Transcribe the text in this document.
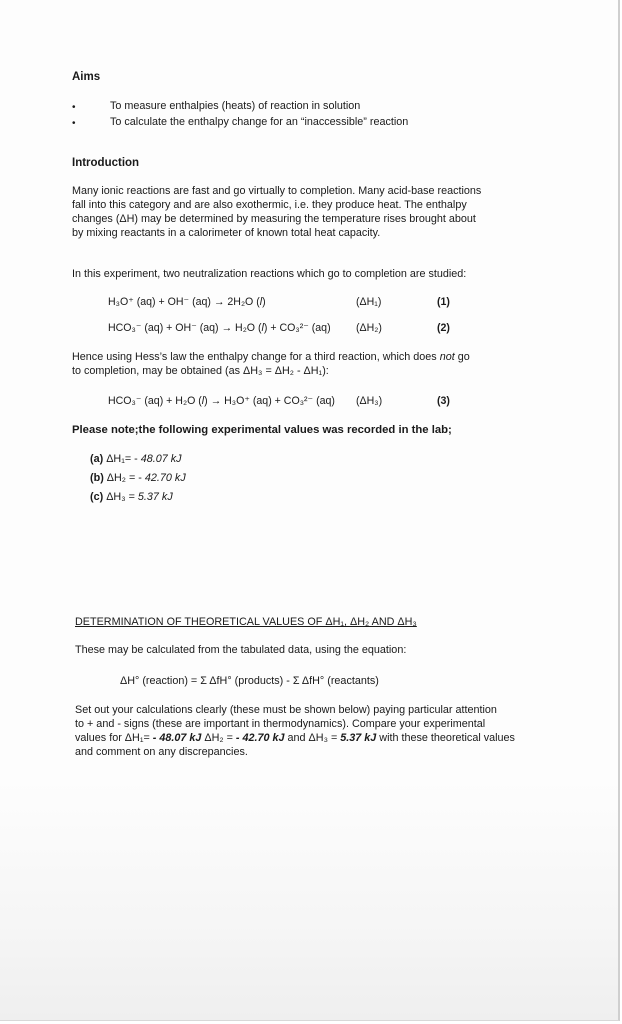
Aims
•	To measure enthalpies (heats) of reaction in solution
•	To calculate the enthalpy change for an “inaccessible” reaction
Introduction
Many ionic reactions are fast and go virtually to completion. Many acid-base reactions
fall into this category and are also exothermic, i.e. they produce heat. The enthalpy
changes (ΔH) may be determined by measuring the temperature rises brought about
by mixing reactants in a calorimeter of known total heat capacity.
In this experiment, two neutralization reactions which go to completion are studied:
H₃O⁺ (aq) + OH⁻ (aq) → 2H₂O (l)	(ΔH₁)	(1)
HCO₃⁻ (aq) + OH⁻ (aq) → H₂O (l) + CO₃²⁻ (aq) (ΔH₂)	(2)
Hence using Hess’s law the enthalpy change for a third reaction, which does not go
to completion, may be obtained (as ΔH₃ = ΔH₂ - ΔH₁):
HCO₃⁻ (aq) + H₂O (l) → H₃O⁺ (aq) + CO₃²⁻ (aq) (ΔH₃)	(3)
Please note;the following experimental values was recorded in the lab;
(a) ΔH₁= - 48.07 kJ
(b) ΔH₂ = - 42.70 kJ
(c) ΔH₃ = 5.37 kJ
DETERMINATION OF THEORETICAL VALUES OF ΔH₁, ΔH₂ AND ΔH₃
These may be calculated from the tabulated data, using the equation:
ΔH° (reaction) = Σ ΔfH° (products) - Σ ΔfH° (reactants)
Set out your calculations clearly (these must be shown below) paying particular attention
to + and - signs (these are important in thermodynamics). Compare your experimental
values for ΔH₁= - 48.07 kJ ΔH₂ = - 42.70 kJ and ΔH₃ = 5.37 kJ with these theoretical values
and comment on any discrepancies.
